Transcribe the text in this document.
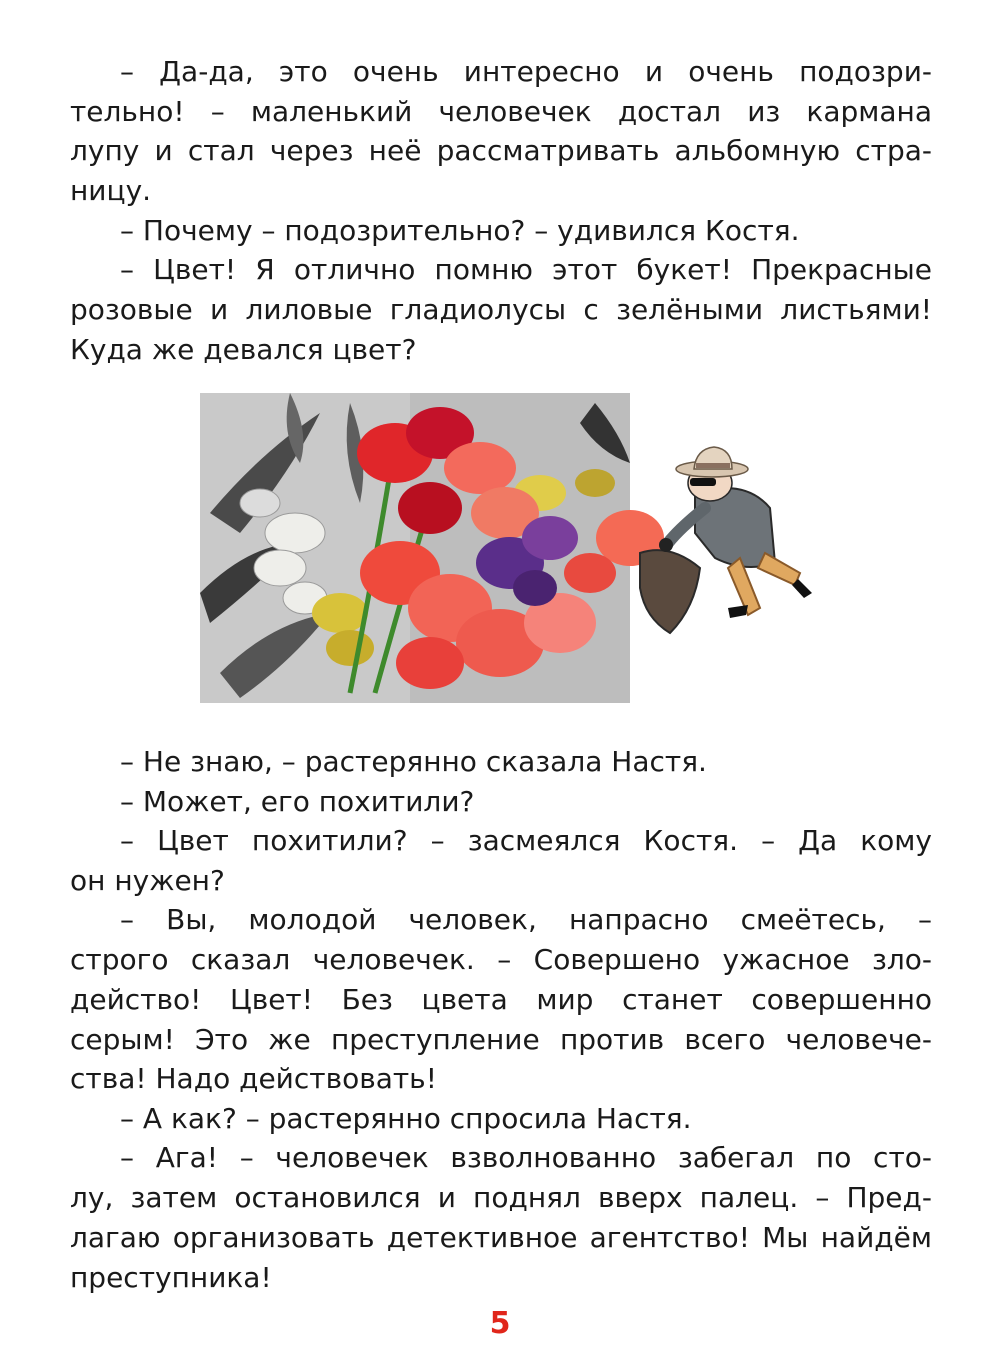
– Да-да, это очень интересно и очень подозри-
тельно! – маленький человечек достал из кармана
лупу и стал через неё рассматривать альбомную стра-
ницу.
– Почему – подозрительно? – удивился Костя.
– Цвет! Я отлично помню этот букет! Прекрасные
розовые и лиловые гладиолусы с зелёными листьями!
Куда же девался цвет?
– Не знаю, – растерянно сказала Настя.
– Может, его похитили?
– Цвет похитили? – засмеялся Костя. – Да кому
он нужен?
– Вы, молодой человек, напрасно смеётесь, –
строго сказал человечек. – Совершено ужасное зло-
действо! Цвет! Без цвета мир станет совершенно
серым! Это же преступление против всего человече-
ства! Надо действовать!
– А как? – растерянно спросила Настя.
– Ага! – человечек взволнованно забегал по сто-
лу, затем остановился и поднял вверх палец. – Пред-
лагаю организовать детективное агентство! Мы найдём
преступника!
5
